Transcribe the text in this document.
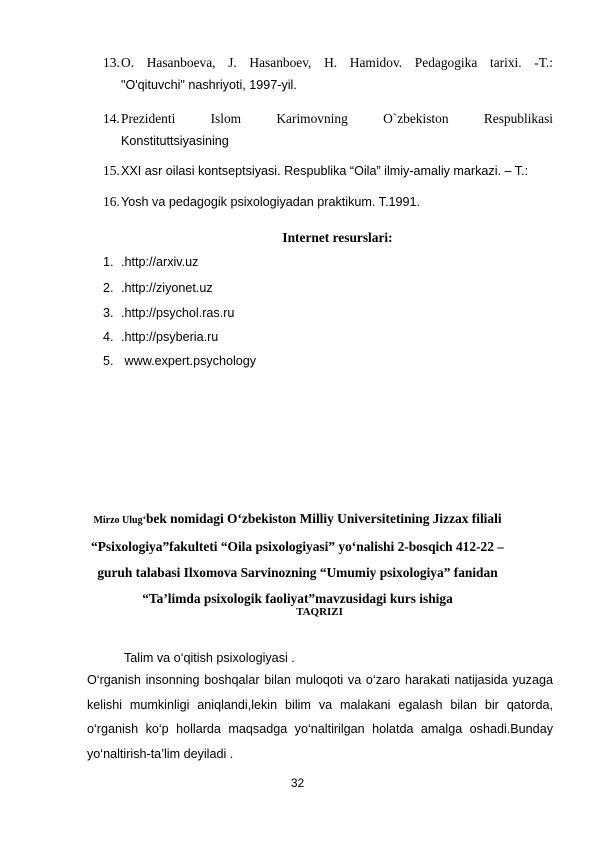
13. O. Hasanboeva, J. Hasanboev, H. Hamidov. Pedagogika tarixi. -T.:
"O'qituvchi" nashriyoti, 1997-yil.
14. Prezidenti Islom Karimovning O`zbekiston Respublikasi
Konstituttsiyasining
15. XXI asr oilasi kontseptsiyasi. Respublika “Oila” ilmiy-amaliy markazi. – T.:
16. Yosh va pedagogik psixologiyadan praktikum. T.1991.
Internet resurslari:
1. .http://arxiv.uz
2. .http://ziyonet.uz
3. .http://psychol.ras.ru
4. .http://psyberia.ru
5. www.expert.psychology
Mirzo Ulug‘bek nomidagi O‘zbekiston Milliy Universitetining Jizzax filiali
“Psixologiya”fakulteti “Oila psixologiyasi” yo‘nalishi 2-bosqich 412-22 –
guruh talabasi Ilxomova Sarvinozning “Umumiy psixologiya” fanidan
“Ta’limda psixologik faoliyat”mavzusidagi kurs ishiga
TAQRIZI
Talim va o‘qitish psixologiyasi .
O‘rganish insonning boshqalar bilan muloqoti va o‘zaro harakati natijasida yuzaga kelishi mumkinligi aniqlandi,lekin bilim va malakani egalash bilan bir qatorda, o‘rganish ko‘p hollarda maqsadga yo‘naltirilgan holatda amalga oshadi.Bunday yo‘naltirish-ta’lim deyiladi .
32
